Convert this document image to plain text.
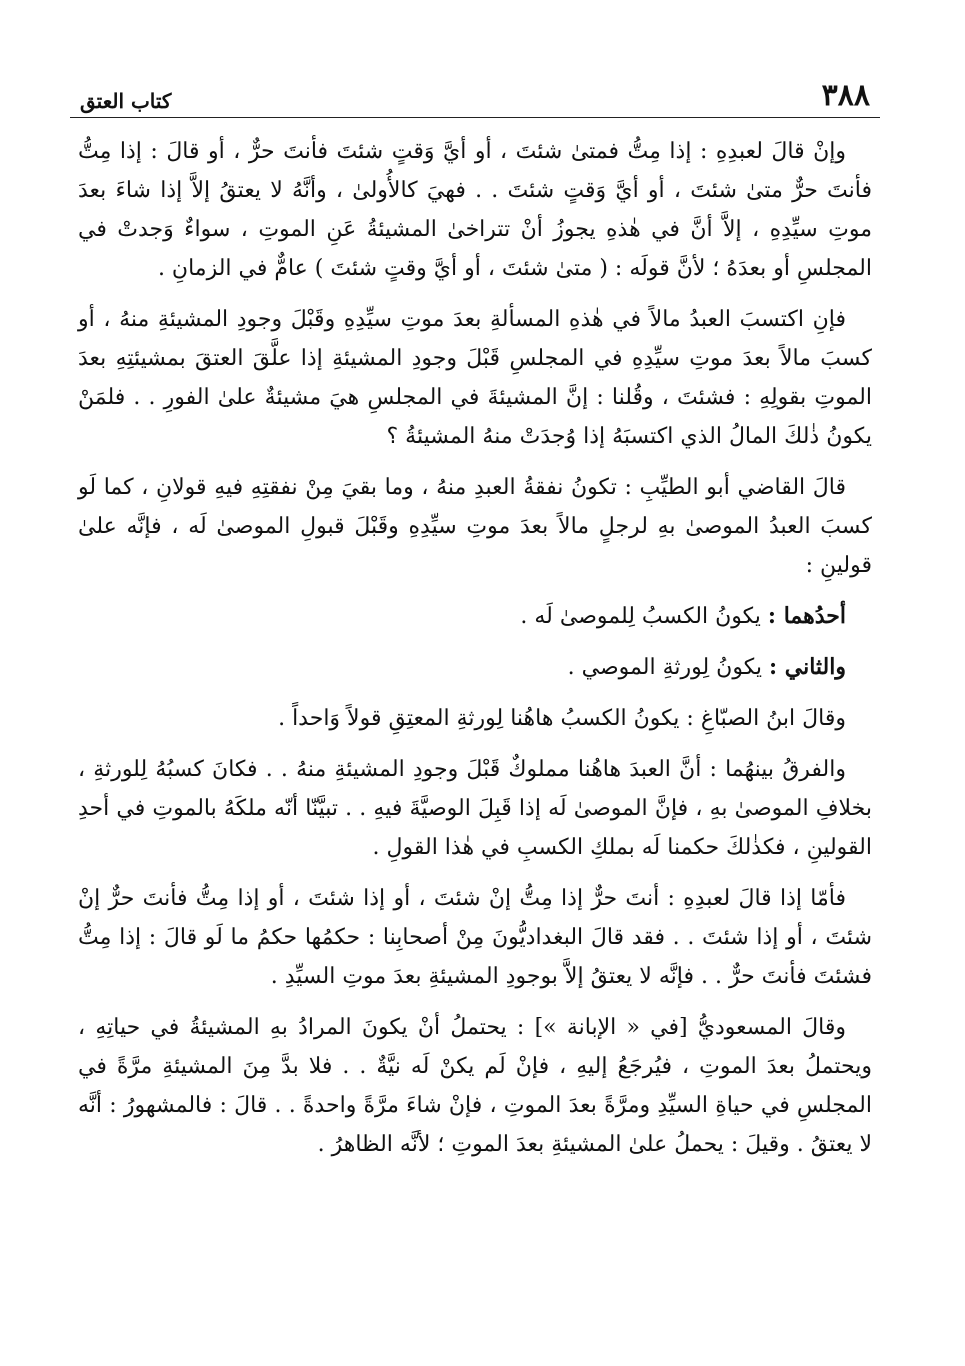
٣٨٨
كتاب العتق

وإنْ قالَ لعبدِهِ : إذا مِتُّ فمتىٰ شئتَ ، أو أيَّ وَقتٍ شئتَ فأنتَ حرٌّ ، أو قالَ : إذا مِتُّ فأنتَ حرٌّ متىٰ شئتَ ، أو أيَّ وَقتٍ شئتَ . . فهيَ كالأُولىٰ ، وأنَّهُ لا يعتقُ إلاَّ إذا شاءَ بعدَ موتِ سيِّدِهِ ، إلاَّ أنَّ في هٰذهِ يجوزُ أنْ تتراخىٰ المشيئةُ عَنِ الموتِ ، سواءٌ وَجدتْ في المجلسِ أو بعدَهُ ؛ لأنَّ قولَه : ( متىٰ شئتَ ، أو أيَّ وقتٍ شئتَ ) عامٌّ في الزمانِ .

فإنِ اكتسبَ العبدُ مالاً في هٰذهِ المسألةِ بعدَ موتِ سيِّدِهِ وقَبْلَ وجودِ المشيئةِ منهُ ، أو كسبَ مالاً بعدَ موتِ سيِّدِهِ في المجلسِ قَبْلَ وجودِ المشيئةِ إذا علَّقَ العتقَ بمشيئتِهِ بعدَ الموتِ بقولِهِ : فشئتَ ، وقُلنا : إنَّ المشيئةَ في المجلسِ هيَ مشيئةٌ علىٰ الفورِ . . فلمَنْ يكونُ ذٰلكَ المالُ الذي اكتسبَهُ إذا وُجدَتْ منهُ المشيئةُ ؟

قالَ القاضي أبو الطيِّبِ : تكونُ نفقةُ العبدِ منهُ ، وما بقيَ مِنْ نفقتِهِ فيهِ قولانِ ، كما لَو كسبَ العبدُ الموصىٰ بهِ لرجلٍ مالاً بعدَ موتِ سيِّدِهِ وقَبْلَ قبولِ الموصىٰ لَه ، فإنَّه علىٰ قولينِ :

أحدُهما : يكونُ الكسبُ لِلموصىٰ لَه .

والثاني : يكونُ لِورثةِ الموصي .

وقالَ ابنُ الصبّاغِ : يكونُ الكسبُ هاهُنا لِورثةِ المعتِقِ قولاً وَاحداً .

والفرقُ بينهُما : أنَّ العبدَ هاهُنا مملوكٌ قَبْلَ وجودِ المشيئةِ منهُ . . فكانَ كسبُهُ لِلورثةِ ، بخلافِ الموصىٰ بهِ ، فإنَّ الموصىٰ لَه إذا قَبِلَ الوصيَّةَ فيهِ . . تبيَّنّا أنّه ملكَهُ بالموتِ في أحدِ القولينِ ، فكذٰلكَ حكمنا لَه بملكِ الكسبِ في هٰذا القولِ .

فأمّا إذا قالَ لعبدِهِ : أنتَ حرٌّ إذا مِتُّ إنْ شئتَ ، أو إذا شئتَ ، أو إذا مِتُّ فأنتَ حرٌّ إنْ شئتَ ، أو إذا شئتَ . . فقد قالَ البغداديُّونَ مِنْ أصحابِنا : حكمُها حكمُ ما لَو قالَ : إذا مِتُّ فشئتَ فأنتَ حرٌّ . . فإنَّه لا يعتقُ إلاَّ بوجودِ المشيئةِ بعدَ موتِ السيِّدِ .

وقالَ المسعوديُّ [في « الإبانة »] : يحتملُ أنْ يكونَ المرادُ بهِ المشيئةُ في حياتِهِ ، ويحتملُ بعدَ الموتِ ، فيُرجَعُ إليهِ ، فإنْ لَم يكنْ لَه نيَّةٌ . . فلا بدَّ مِنَ المشيئةِ مرَّةً في المجلسِ في حياةِ السيِّدِ ومرَّةً بعدَ الموتِ ، فإنْ شاءَ مرَّةً واحدةً . . قالَ : فالمشهورُ : أنَّه لا يعتقُ . وقيلَ : يحملُ علىٰ المشيئةِ بعدَ الموتِ ؛ لأنَّه الظاهرُ .
